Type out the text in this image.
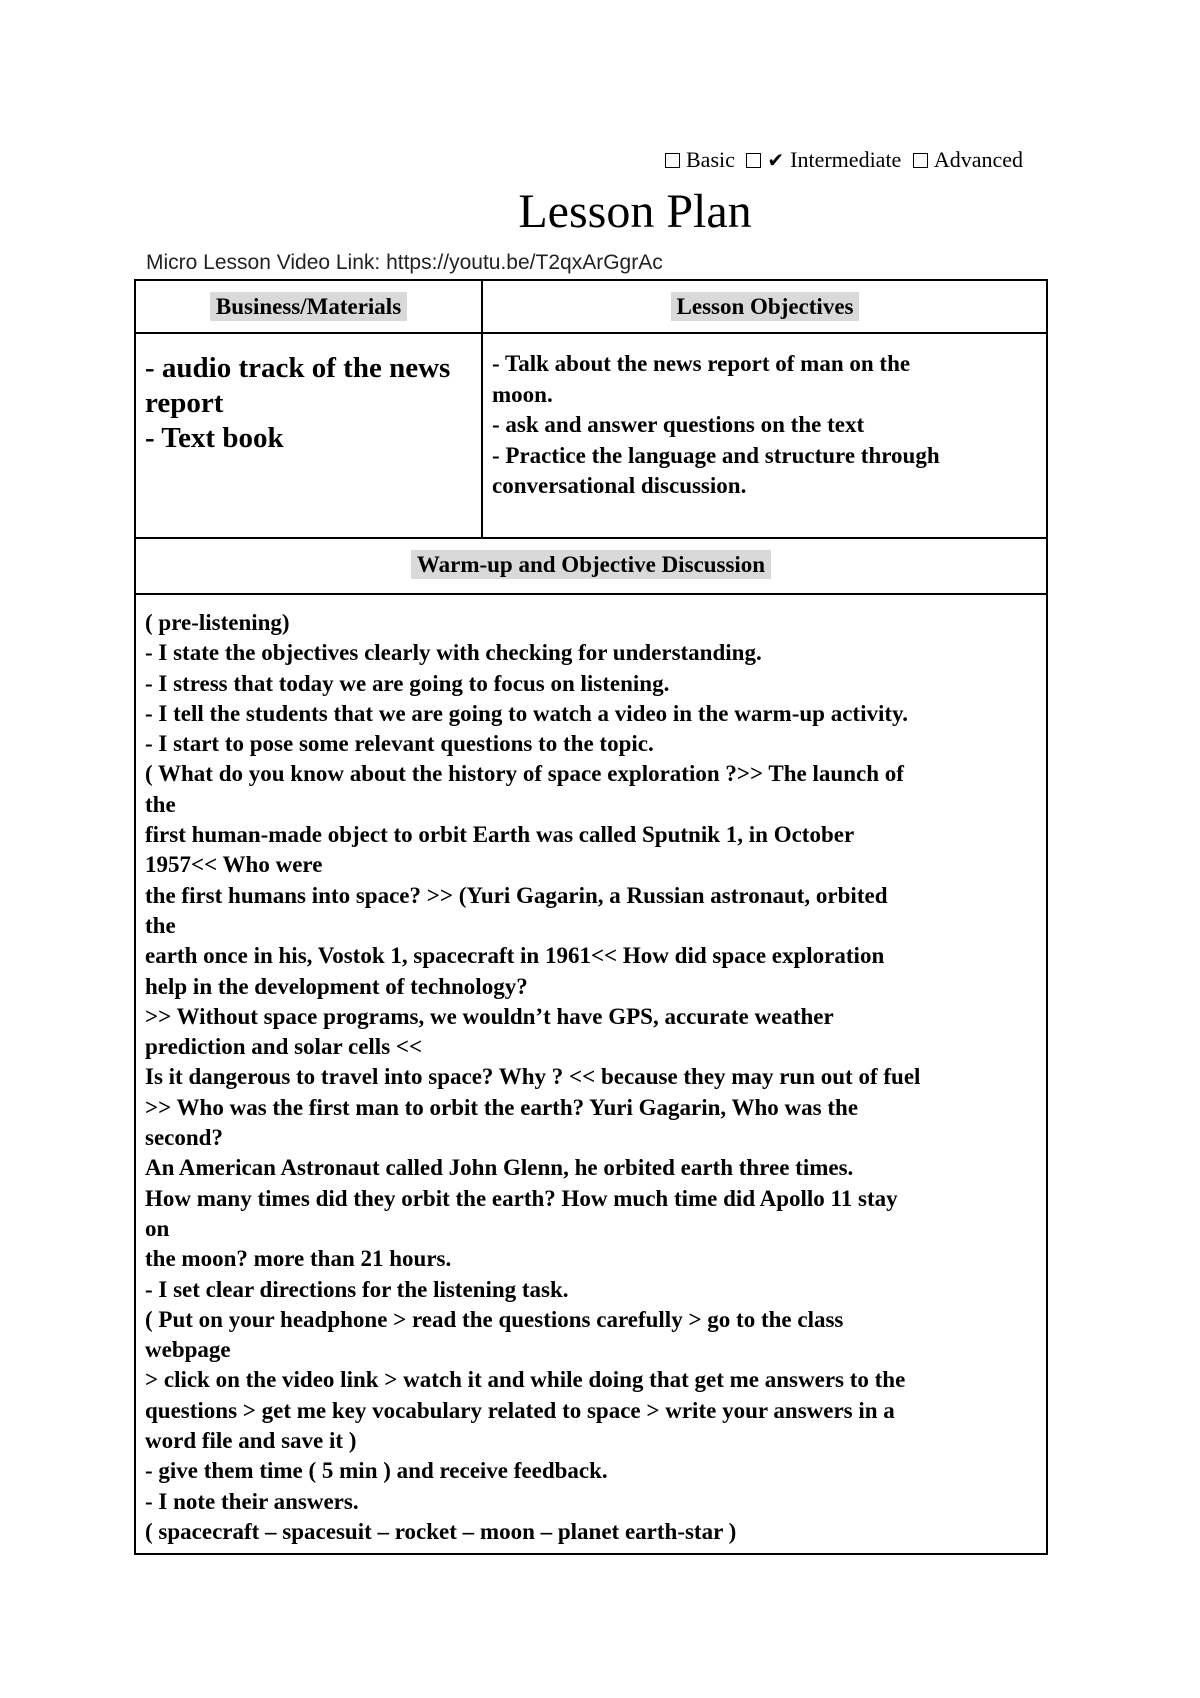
Basic ✔ Intermediate Advanced
Lesson Plan
Micro Lesson Video Link: https://youtu.be/T2qxArGgrAc
Business/Materials	Lesson Objectives
- audio track of the news
report
- Text book
- Talk about the news report of man on the
moon.
- ask and answer questions on the text
- Practice the language and structure through
conversational discussion.
Warm-up and Objective Discussion
( pre-listening)
- I state the objectives clearly with checking for understanding.
- I stress that today we are going to focus on listening.
- I tell the students that we are going to watch a video in the warm-up activity.
- I start to pose some relevant questions to the topic.
( What do you know about the history of space exploration ?>> The launch of
the
first human-made object to orbit Earth was called Sputnik 1, in October
1957<< Who were
the first humans into space? >> (Yuri Gagarin, a Russian astronaut, orbited
the
earth once in his, Vostok 1, spacecraft in 1961<< How did space exploration
help in the development of technology?
>> Without space programs, we wouldn’t have GPS, accurate weather
prediction and solar cells <<
Is it dangerous to travel into space? Why ? << because they may run out of fuel
>> Who was the first man to orbit the earth? Yuri Gagarin, Who was the
second?
An American Astronaut called John Glenn, he orbited earth three times.
How many times did they orbit the earth? How much time did Apollo 11 stay
on
the moon? more than 21 hours.
- I set clear directions for the listening task.
( Put on your headphone > read the questions carefully > go to the class
webpage
> click on the video link > watch it and while doing that get me answers to the
questions > get me key vocabulary related to space > write your answers in a
word file and save it )
- give them time ( 5 min ) and receive feedback.
- I note their answers.
( spacecraft – spacesuit – rocket – moon – planet earth-star )
